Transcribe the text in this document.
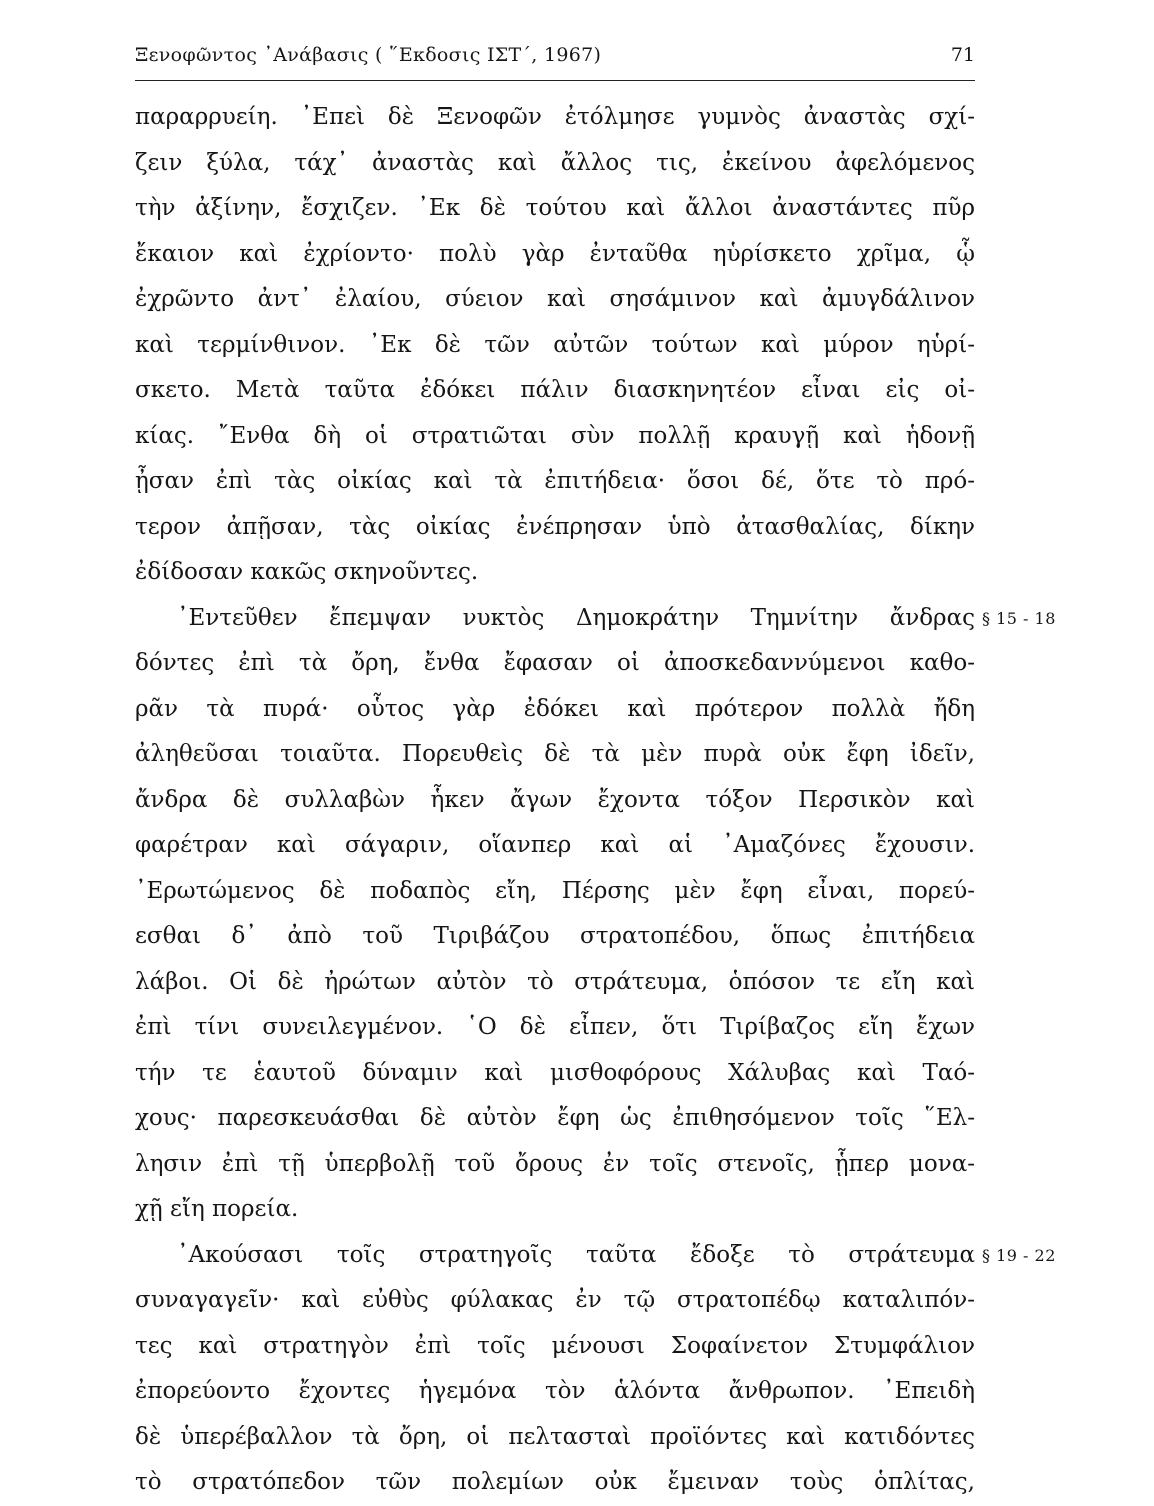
Ξενοφῶντος ᾿Ανάβασις ( ῞Εκδοσις ΙΣΤ΄, 1967)	71
παραρρυείη. ᾿Επεὶ δὲ Ξενοφῶν ἐτόλμησε γυμνὸς ἀναστὰς σχί-
ζειν ξύλα, τάχ᾿ ἀναστὰς καὶ ἄλλος τις, ἐκείνου ἀφελόμενος
τὴν ἀξίνην, ἔσχιζεν. ᾿Εκ δὲ τούτου καὶ ἄλλοι ἀναστάντες πῦρ
ἔκαιον καὶ ἐχρίοντο· πολὺ γὰρ ἐνταῦθα ηὑρίσκετο χρῖμα, ᾧ
ἐχρῶντο ἀντ᾿ ἐλαίου, σύειον καὶ σησάμινον καὶ ἀμυγδάλινον
καὶ τερμίνθινον. ᾿Εκ δὲ τῶν αὐτῶν τούτων καὶ μύρον ηὑρί-
σκετο. Μετὰ ταῦτα ἐδόκει πάλιν διασκηνητέον εἶναι εἰς οἰ-
κίας. ῎Ενθα δὴ οἱ στρατιῶται σὺν πολλῇ κραυγῇ καὶ ἡδονῇ
ᾖσαν ἐπὶ τὰς οἰκίας καὶ τὰ ἐπιτήδεια· ὅσοι δέ, ὅτε τὸ πρό-
τερον ἀπῇσαν, τὰς οἰκίας ἐνέπρησαν ὑπὸ ἀτασθαλίας, δίκην
ἐδίδοσαν κακῶς σκηνοῦντες.
᾿Εντεῦθεν ἔπεμψαν νυκτὸς Δημοκράτην Τημνίτην ἄνδρας § 15 - 18
δόντες ἐπὶ τὰ ὄρη, ἔνθα ἔφασαν οἱ ἀποσκεδαννύμενοι καθο-
ρᾶν τὰ πυρά· οὗτος γὰρ ἐδόκει καὶ πρότερον πολλὰ ἤδη
ἀληθεῦσαι τοιαῦτα. Πορευθεὶς δὲ τὰ μὲν πυρὰ οὐκ ἔφη ἰδεῖν,
ἄνδρα δὲ συλλαβὼν ἧκεν ἄγων ἔχοντα τόξον Περσικὸν καὶ
φαρέτραν καὶ σάγαριν, οἵανπερ καὶ αἱ ᾿Αμαζόνες ἔχουσιν.
᾿Ερωτώμενος δὲ ποδαπὸς εἴη, Πέρσης μὲν ἔφη εἶναι, πορεύ-
εσθαι δ᾿ ἀπὸ τοῦ Τιριβάζου στρατοπέδου, ὅπως ἐπιτήδεια
λάβοι. Οἱ δὲ ἠρώτων αὐτὸν τὸ στράτευμα, ὁπόσον τε εἴη καὶ
ἐπὶ τίνι συνειλεγμένον. ῾Ο δὲ εἶπεν, ὅτι Τιρίβαζος εἴη ἔχων
τήν τε ἑαυτοῦ δύναμιν καὶ μισθοφόρους Χάλυβας καὶ Ταό-
χους· παρεσκευάσθαι δὲ αὐτὸν ἔφη ὡς ἐπιθησόμενον τοῖς ῞Ελ-
λησιν ἐπὶ τῇ ὑπερβολῇ τοῦ ὄρους ἐν τοῖς στενοῖς, ᾗπερ μονα-
χῇ εἴη πορεία.
᾿Ακούσασι τοῖς στρατηγοῖς ταῦτα ἔδοξε τὸ στράτευμα § 19 - 22
συναγαγεῖν· καὶ εὐθὺς φύλακας ἐν τῷ στρατοπέδῳ καταλιπόν-
τες καὶ στρατηγὸν ἐπὶ τοῖς μένουσι Σοφαίνετον Στυμφάλιον
ἐπορεύοντο ἔχοντες ἡγεμόνα τὸν ἁλόντα ἄνθρωπον. ᾿Επειδὴ
δὲ ὑπερέβαλλον τὰ ὄρη, οἱ πελτασταὶ προϊόντες καὶ κατιδόντες
τὸ στρατόπεδον τῶν πολεμίων οὐκ ἔμειναν τοὺς ὁπλίτας,
